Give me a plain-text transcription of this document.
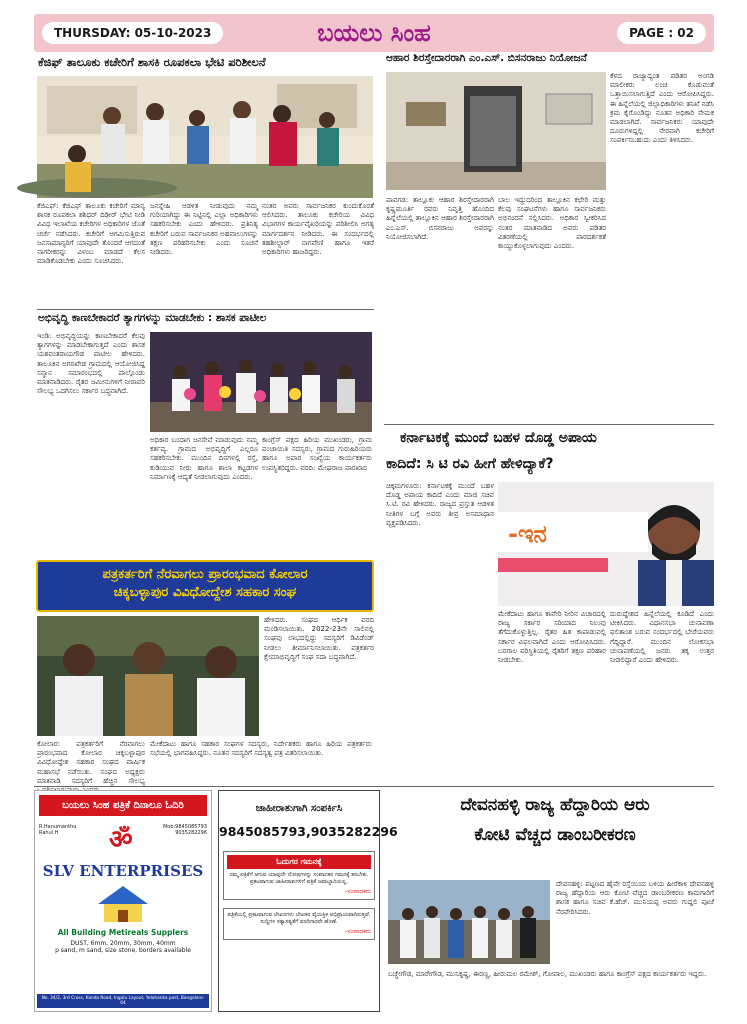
THURSDAY: 05-10-2023	ಬಯಲು ಸಿಂಹ	PAGE : 02
ಕೆಜಿಫ್ ತಾಲೂಕು ಕಚೇರಿಗೆ ಶಾಸಕಿ ರೂಪಕಲಾ ಭೇಟಿ ಪರಿಶೀಲನೆ
ಕೆಜಿಎಫ್: ಕೆಜಿಎಫ್ ತಾಲೂಕು ಕಚೇರಿಗೆ ಮಾನ್ಯ ಶಾಸಕ ರೂಪಕಲಾ ಶಶಿಧರ್ ದಿಢೀರ್ ಭೇಟಿ ನೀಡಿ ವಿವಿಧ ಇಲಾಖೆಯ ಕಚೇರಿಗಳ ಅಧಿಕಾರಿಗಳ ಜೊತೆ ಚರ್ಚೆ ನಡೆಸಿದರು. ಕಚೇರಿಗೆ ಆಗಮಿಸುತ್ತಿರುವ ಜನಸಾಮಾನ್ಯರಿಗೆ ಯಾವುದೇ ತೊಂದರೆ ಆಗದಂತೆ ನಾಗರೀಕರನ್ನು ವಿಳಂಬ ಮಾಡದೆ ಕೆಲಸ ಮಾಡಿಕೊಡಬೇಕು ಎಂದು ಸೂಚಿಸಿದರು.
ಜನಸ್ನೇಹಿ ಆಡಳಿತ ನೀಡುವುದು ನಮ್ಮ ಗುರಿಯಾಗಿದ್ದು ಈ ನಿಟ್ಟಿನಲ್ಲಿ ಎಲ್ಲಾ ಅಧಿಕಾರಿಗಳು ಸಹಕರಿಸಬೇಕು ಎಂದು ಹೇಳಿದರು. ಪ್ರತಿನಿತ್ಯ ಕಚೇರಿಗೆ ಬರುವ ಸಾರ್ವಜನಿಕರ ಅಹವಾಲುಗಳನ್ನು ತಕ್ಷಣ ಪರಿಹರಿಸಬೇಕು ಎಂದು ಸೂಚನೆ ನೀಡಿದರು.
ನಂತರ ಅವರು ಸಾರ್ವಜನಿಕರ ಕುಂದುಕೊರತೆ ಆಲಿಸಿದರು. ತಾಲೂಕು ಕಚೇರಿಯ ವಿವಿಧ ವಿಭಾಗಗಳ ಕಾರ್ಯವೈಖರಿಯನ್ನು ಪರಿಶೀಲಿಸಿ ಅಗತ್ಯ ಮಾರ್ಗದರ್ಶನ ನೀಡಿದರು. ಈ ಸಂದರ್ಭದಲ್ಲಿ ತಹಶೀಲ್ದಾರ್ ನಾಗವೇಣಿ ಹಾಗೂ ಇತರೆ ಅಧಿಕಾರಿಗಳು ಹಾಜರಿದ್ದರು.
ಅಭಿವೃದ್ಧಿ ಕಾಣಬೇಕಾದರೆ ತ್ಯಾಗಗಳನ್ನು ಮಾಡಬೇಕು : ಶಾಸಕ ಪಾಟೀಲ
ಇಂಡಿ: ಅಭಿವೃದ್ಧಿಯನ್ನು ಕಾಣಬೇಕಾದರೆ ಕೆಲವು ತ್ಯಾಗಗಳನ್ನು ಮಾಡಬೇಕಾಗುತ್ತದೆ ಎಂದು ಶಾಸಕ ಯಶವಂತರಾಯಗೌಡ ಪಾಟೀಲ ಹೇಳಿದರು. ತಾಲೂಕಿನ ಅಗರಖೇಡ ಗ್ರಾಮದಲ್ಲಿ ಆಯೋಜಿಸಿದ್ದ ಸನ್ಮಾನ ಸಮಾರಂಭದಲ್ಲಿ ಪಾಲ್ಗೊಂಡು ಮಾತನಾಡಿದರು. ರೈತರ ಜಮೀನುಗಳಿಗೆ ನೀರಾವರಿ ಸೌಲಭ್ಯ ಒದಗಿಸಲು ಸರ್ಕಾರ ಬದ್ಧವಾಗಿದೆ.
ಅಧಿಕಾರ ಬಂದಾಗ ಜನಸೇವೆ ಮಾಡುವುದು ನಮ್ಮ ಕರ್ತವ್ಯ. ಗ್ರಾಮದ ಅಭಿವೃದ್ಧಿಗೆ ಎಲ್ಲರೂ ಸಹಕರಿಸಬೇಕು. ಮುಂದಿನ ದಿನಗಳಲ್ಲಿ ರಸ್ತೆ, ಕುಡಿಯುವ ನೀರು ಹಾಗೂ ಶಾಲಾ ಕಟ್ಟಡಗಳ ನಿರ್ಮಾಣಕ್ಕೆ ಆದ್ಯತೆ ನೀಡಲಾಗುವುದು ಎಂದರು.
ಕಾಂಗ್ರೆಸ್ ಪಕ್ಷದ ಹಿರಿಯ ಮುಖಂಡರು, ಗ್ರಾಮ ಪಂಚಾಯಿತಿ ಸದಸ್ಯರು, ಗ್ರಾಮದ ಗುರುಹಿರಿಯರು ಹಾಗೂ ಅಪಾರ ಸಂಖ್ಯೆಯ ಕಾರ್ಯಕರ್ತರು ಉಪಸ್ಥಿತರಿದ್ದರು. ವರದಿ: ಮೇಘರಾಜ ಪಾರಖಾರ
ಪತ್ರಕರ್ತರಿಗೆ ನೆರವಾಗಲು ಪ್ರಾರಂಭವಾದ ಕೋಲಾರ
ಚಿಕ್ಕಬಳ್ಳಾಪುರ ವಿವಿಧೋದ್ದೇಶ ಸಹಕಾರ ಸಂಘ
ಹೇಳಿದರು. ಸಂಘದ ಆರ್ಥಿಕ ವರದಿ ಮಂಡಿಸಲಾಯಿತು. 2022-23ನೇ ಸಾಲಿನಲ್ಲಿ ಸಂಘವು ಲಾಭದಲ್ಲಿದ್ದು ಸದಸ್ಯರಿಗೆ ಡಿವಿಡೆಂಡ್ ನೀಡಲು ತೀರ್ಮಾನಿಸಲಾಯಿತು. ಪತ್ರಕರ್ತರ ಕ್ಷೇಮಾಭಿವೃದ್ಧಿಗೆ ಸಂಘ ಸದಾ ಬದ್ಧವಾಗಿದೆ.
ಕೋಲಾರ: ಪತ್ರಕರ್ತರಿಗೆ ನೆರವಾಗಲು ಪ್ರಾರಂಭವಾದ ಕೋಲಾರ ಚಿಕ್ಕಬಳ್ಳಾಪುರ ವಿವಿಧೋದ್ದೇಶ ಸಹಕಾರ ಸಂಘದ ವಾರ್ಷಿಕ ಮಹಾಸಭೆ ನಡೆಯಿತು. ಸಂಘದ ಅಧ್ಯಕ್ಷರು ಮಾತನಾಡಿ ಸದಸ್ಯರಿಗೆ ಹೆಚ್ಚಿನ ಸೌಲಭ್ಯ
ಮೇಕೆದಾಟು ಹಾಗೂ ಸಹಕಾರ ಸಂಘಗಳ ಸದಸ್ಯರು, ನಿರ್ದೇಶಕರು ಹಾಗೂ ಹಿರಿಯ ಪತ್ರಕರ್ತರು ಸಭೆಯಲ್ಲಿ ಭಾಗವಹಿಸಿದ್ದರು. ನೂತನ ಸದಸ್ಯರಿಗೆ ಸದಸ್ಯತ್ವ ಪತ್ರ ವಿತರಿಸಲಾಯಿತು.
ಆಹಾರ ಶಿರಸ್ತೇದಾರರಾಗಿ ಎಂ.ಎಸ್. ಬಿಸನರಾಜು ನಿಯೋಜನೆ
ಕೆಳದ ರಾಜ್ಯಾದ್ಯಂತ ಪಡಿತರ ಅಂಗಡಿ ಮಾಲೀಕರು ಲಂಚ ಕೊಡುವಂತೆ ಒತ್ತಾಯಿಸಲಾಗುತ್ತಿದೆ ಎಂದು ಆರೋಪಿಸಿದ್ದರು. ಈ ಹಿನ್ನೆಲೆಯಲ್ಲಿ ಜಿಲ್ಲಾಧಿಕಾರಿಗಳು ತನಿಖೆ ನಡೆಸಿ ಕ್ರಮ ಕೈಗೊಂಡಿದ್ದು ನೂತನ ಅಧಿಕಾರಿ ನೇಮಕ ಮಾಡಲಾಗಿದೆ. ಸಾರ್ವಜನಿಕರು ಯಾವುದೇ ದೂರುಗಳಿದ್ದಲ್ಲಿ ನೇರವಾಗಿ ಕಚೇರಿಗೆ ಸಂಪರ್ಕಿಸಬಹುದು ಎಂದು ತಿಳಿಸಿದರು.
ಪಾವಗಡ: ತಾಲ್ಲೂಕು ಆಹಾರ ಶಿರಸ್ತೇದಾರರಾಗಿ ಕೃಷ್ಣಮೂರ್ತಿ ರವರು ನಿವೃತ್ತಿ ಹೊಂದಿದ ಹಿನ್ನೆಲೆಯಲ್ಲಿ ತಾಲ್ಲೂಕಿನ ಆಹಾರ ಶಿರಸ್ತೇದಾರರಾಗಿ ಎಂ.ಎಸ್. ಬಿಸನರಾಜು ಅವರನ್ನು ನಿಯೋಜಿಸಲಾಗಿದೆ.
ಬಾಲ ಇದ್ದುದರಿಂದ ತಾಲ್ಲೂಕಿನ ಕಛೇರಿ ಮತ್ತು ಕೆಲವು ಸಂಘಟನೆಗಳು ಹಾಗೂ ಸಾರ್ವಜನಿಕರು ಅಭಿನಂದನೆ ಸಲ್ಲಿಸಿದರು. ಅಧಿಕಾರ ಸ್ವೀಕರಿಸಿದ ನಂತರ ಮಾತನಾಡಿದ ಅವರು ಪಡಿತರ ವಿತರಣೆಯಲ್ಲಿ ಪಾರದರ್ಶಕತೆ ಕಾಯ್ದುಕೊಳ್ಳಲಾಗುವುದು ಎಂದರು.
ಕರ್ನಾಟಕಕ್ಕೆ ಮುಂದೆ ಬಹಳ ದೊಡ್ಡ ಅಪಾಯ
ಕಾದಿದೆ: ಸಿ ಟಿ ರವಿ ಹೀಗೆ ಹೇಳಿದ್ಯಾಕೆ?
ಚಿಕ್ಕಮಗಳೂರು: ಕರ್ನಾಟಕಕ್ಕೆ ಮುಂದೆ ಬಹಳ ದೊಡ್ಡ ಅಪಾಯ ಕಾದಿದೆ ಎಂದು ಮಾಜಿ ಸಚಿವ ಸಿ.ಟಿ. ರವಿ ಹೇಳಿದರು. ರಾಜ್ಯದ ಪ್ರಸ್ತುತ ಆಡಳಿತ ನೀತಿಗಳ ಬಗ್ಗೆ ಅವರು ತೀವ್ರ ಅಸಮಾಧಾನ ವ್ಯಕ್ತಪಡಿಸಿದರು.	-ಇನ
ಮೇಕೆದಾಟು ಹಾಗೂ ಕಾವೇರಿ ನೀರಿನ ವಿಚಾರದಲ್ಲಿ ರಾಜ್ಯ ಸರ್ಕಾರ ಸರಿಯಾದ ನಿಲುವು ತೆಗೆದುಕೊಳ್ಳುತ್ತಿಲ್ಲ. ರೈತರ ಹಿತ ಕಾಪಾಡುವಲ್ಲಿ ಸರ್ಕಾರ ವಿಫಲವಾಗಿದೆ ಎಂದು ಆರೋಪಿಸಿದರು. ಬರಗಾಲ ಪರಿಸ್ಥಿತಿಯಲ್ಲಿ ರೈತರಿಗೆ ತಕ್ಷಣ ಪರಿಹಾರ ನೀಡಬೇಕು.
ದುರುದ್ದೇಶದ ಹಿನ್ನೆಲೆಯಲ್ಲಿ ಕೂಡಿದೆ ಎಂದು ಟೀಕಿಸಿದರು. ವಿಧಾನಸಭಾ ಚುನಾವಣಾ ಫಲಿತಾಂಶ ಬರುವ ಸಂದರ್ಭದಲ್ಲಿ ಬೇರೆಯವರು ಗೆದ್ದಿದ್ದಾರೆ. ಮುಂದಿನ ಲೋಕಸಭಾ ಚುನಾವಣೆಯಲ್ಲಿ ಜನರು ತಕ್ಕ ಉತ್ತರ ನೀಡಲಿದ್ದಾರೆ ಎಂದು ಹೇಳಿದರು.
ಬಯಲು ಸಿಂಹ ಪತ್ರಿಕೆ ದಿನಾಲೂ ಓದಿರಿ
R.Hanumanthu
Rahul H	ॐ	Mob:9845085793
9035282296
SLV ENTERPRISES
All Building Metireals Supplers
DUST, 6mm, 20mm, 30mm, 40mm
p sand, m sand, size stone, borders available
No. 34/2, 3rd Cross, Kanda Road, Ingalu Layout, Yelahanka post, Bangalore-64
ಜಾಹೀರಾತುಗಾಗಿ ಸಂಪರ್ಕಿಸಿ
9845085793,9035282296
ಓದುಗರ ಗಮನಕ್ಕೆ
ನಮ್ಮ ಪತ್ರಿಕೆಗೆ ಆಗುವ ಯಾವುದೇ ದೋಷಗಳನ್ನು ಸಂಪಾದಕರ ಗಮನಕ್ಕೆ ತರಬೇಕು. ಪ್ರಕಟವಾಗುವ ಜಾಹೀರಾತುಗಳಿಗೆ ಪತ್ರಿಕೆ ಜವಾಬ್ದಾರಿಯಲ್ಲ.
-ಸಂಪಾದಕರು
ಪತ್ರಿಕೆಯಲ್ಲಿ ಪ್ರಕಟವಾಗುವ ಲೇಖನಗಳು ಲೇಖಕರ ವೈಯಕ್ತಿಕ ಅಭಿಪ್ರಾಯವಾಗಿರುತ್ತವೆ. ಸುದ್ದಿಗಳ ಸತ್ಯಾಸತ್ಯತೆಗೆ ವರದಿಗಾರರೇ ಹೊಣೆ.
-ಸಂಪಾದಕರು
ದೇವನಹಳ್ಳಿ ರಾಜ್ಯ ಹೆದ್ದಾರಿಯ ಆರು
ಕೋಟಿ ವೆಚ್ಚದ ಡಾಂಬರೀಕರಣ
ದೇವನಹಳ್ಳಿ: ಪಟ್ಟಣದ ಹೈವೇ ರಸ್ತೆಯಿಂದ ಬಳಿಯ ಹೀರೆಕಾಳಿ ದೇವನಹಳ್ಳಿ ರಾಜ್ಯ ಹೆದ್ದಾರಿಯ ಆರು ಕೋಟಿ ವೆಚ್ಚದ ಡಾಂಬರೀಕರಣ ಕಾಮಗಾರಿಗೆ ಶಾಸಕ ಹಾಗೂ ಸಚಿವ ಕೆ.ಹೆಚ್. ಮುನಿಯಪ್ಪ ಅವರು ಗುದ್ದಲಿ ಪೂಜೆ ನೆರವೇರಿಸಿದರು.
ಬಚ್ಚೇಗೌಡ, ಮಾರೇಗೌಡ, ಮುನಿಕೃಷ್ಣ, ಈರಣ್ಣ, ಹೀರುಮಲ ರಮೇಶ್, ಗೋಪಾಲ, ಮುಖಂಡರು ಹಾಗೂ ಕಾಂಗ್ರೆಸ್ ಪಕ್ಷದ ಕಾರ್ಯಕರ್ತರು ಇದ್ದರು.
